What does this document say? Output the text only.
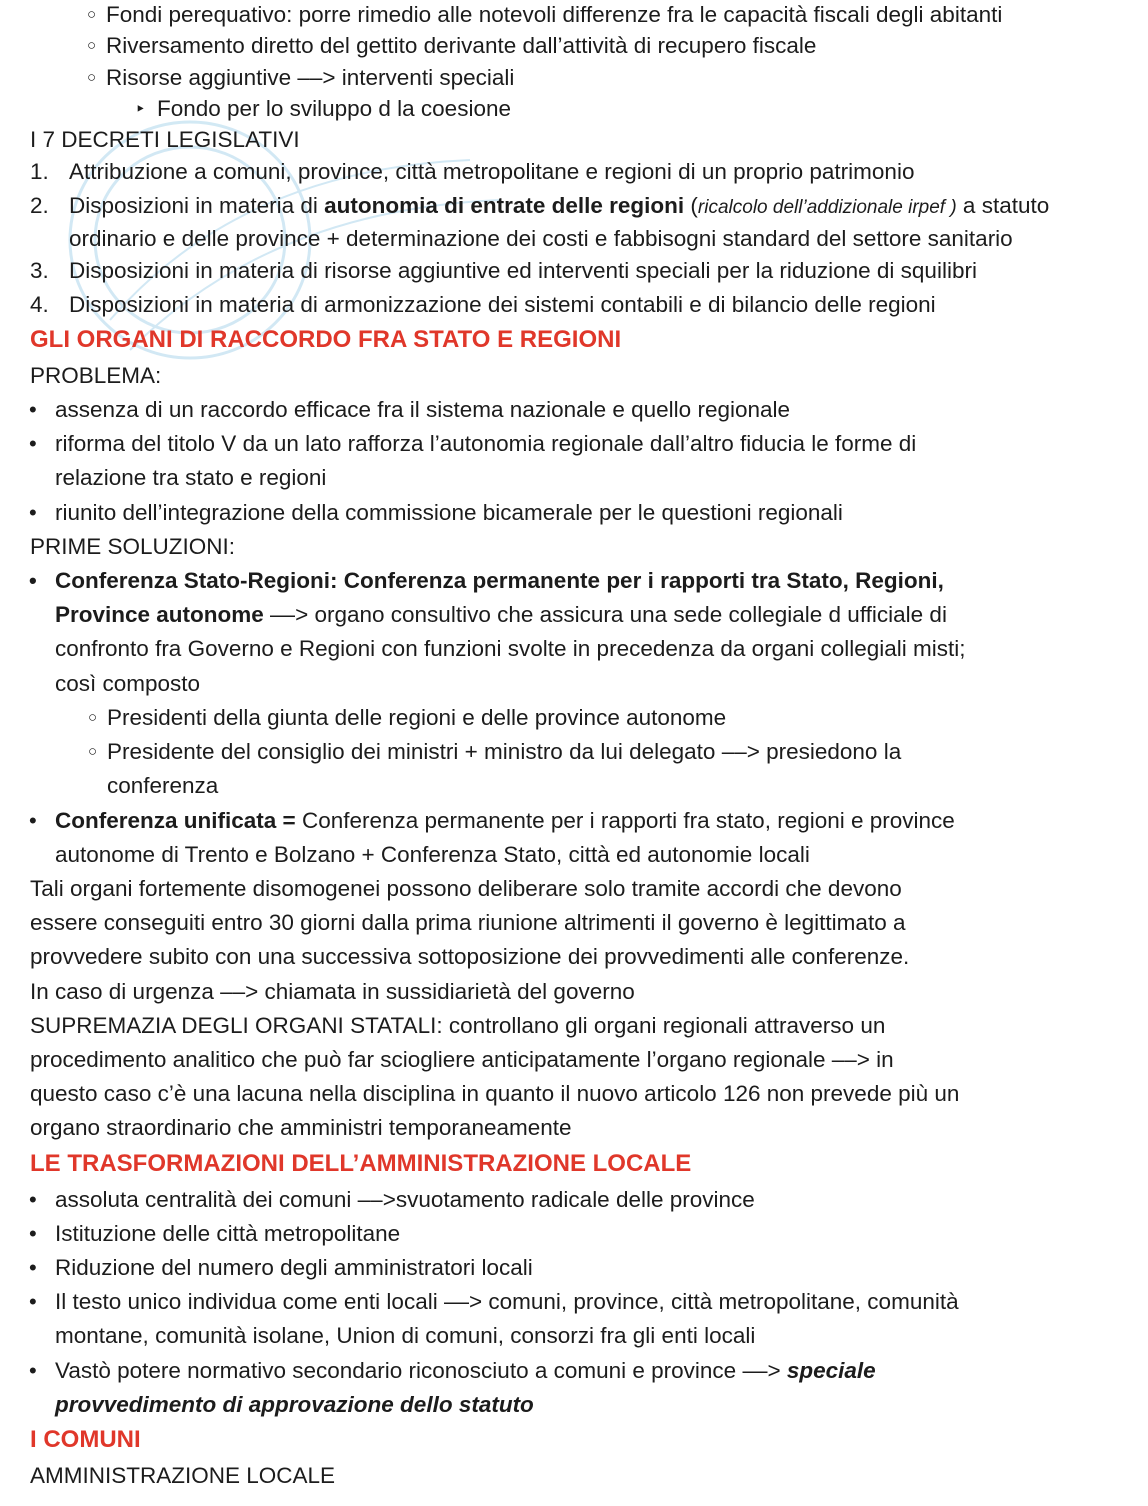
○ Fondi perequativo: porre rimedio alle notevoli differenze fra le capacità fiscali degli abitanti
○ Riversamento diretto del gettito derivante dall’attività di recupero fiscale
○ Risorse aggiuntive ––> interventi speciali
‣ Fondo per lo sviluppo d la coesione
I 7 DECRETI LEGISLATIVI
1. Attribuzione a comuni, province, città metropolitane e regioni di un proprio patrimonio
2. Disposizioni in materia di autonomia di entrate delle regioni (ricalcolo dell’addizionale irpef ) a statuto
ordinario e delle province + determinazione dei costi e fabbisogni standard del settore sanitario
3. Disposizioni in materia di risorse aggiuntive ed interventi speciali per la riduzione di squilibri
4. Disposizioni in materia di armonizzazione dei sistemi contabili e di bilancio delle regioni
GLI ORGANI DI RACCORDO FRA STATO E REGIONI
PROBLEMA:
• assenza di un raccordo efficace fra il sistema nazionale e quello regionale
• riforma del titolo V da un lato rafforza l’autonomia regionale dall’altro fiducia le forme di
relazione tra stato e regioni
• riunito dell’integrazione della commissione bicamerale per le questioni regionali
PRIME SOLUZIONI:
• Conferenza Stato-Regioni: Conferenza permanente per i rapporti tra Stato, Regioni,
Province autonome ––> organo consultivo che assicura una sede collegiale d ufficiale di
confronto fra Governo e Regioni con funzioni svolte in precedenza da organi collegiali misti;
così composto
○ Presidenti della giunta delle regioni e delle province autonome
○ Presidente del consiglio dei ministri + ministro da lui delegato ––> presiedono la
conferenza
• Conferenza unificata = Conferenza permanente per i rapporti fra stato, regioni e province
autonome di Trento e Bolzano + Conferenza Stato, città ed autonomie locali
Tali organi fortemente disomogenei possono deliberare solo tramite accordi che devono
essere conseguiti entro 30 giorni dalla prima riunione altrimenti il governo è legittimato a
provvedere subito con una successiva sottoposizione dei provvedimenti alle conferenze.
In caso di urgenza ––> chiamata in sussidiarietà del governo
SUPREMAZIA DEGLI ORGANI STATALI: controllano gli organi regionali attraverso un
procedimento analitico che può far sciogliere anticipatamente l’organo regionale ––> in
questo caso c’è una lacuna nella disciplina in quanto il nuovo articolo 126 non prevede più un
organo straordinario che amministri temporaneamente
LE TRASFORMAZIONI DELL’AMMINISTRAZIONE LOCALE
• assoluta centralità dei comuni ––>svuotamento radicale delle province
• Istituzione delle città metropolitane
• Riduzione del numero degli amministratori locali
• Il testo unico individua come enti locali ––> comuni, province, città metropolitane, comunità
montane, comunità isolane, Union di comuni, consorzi fra gli enti locali
• Vastò potere normativo secondario riconosciuto a comuni e province ––> speciale
provvedimento di approvazione dello statuto
I COMUNI
AMMINISTRAZIONE LOCALE
